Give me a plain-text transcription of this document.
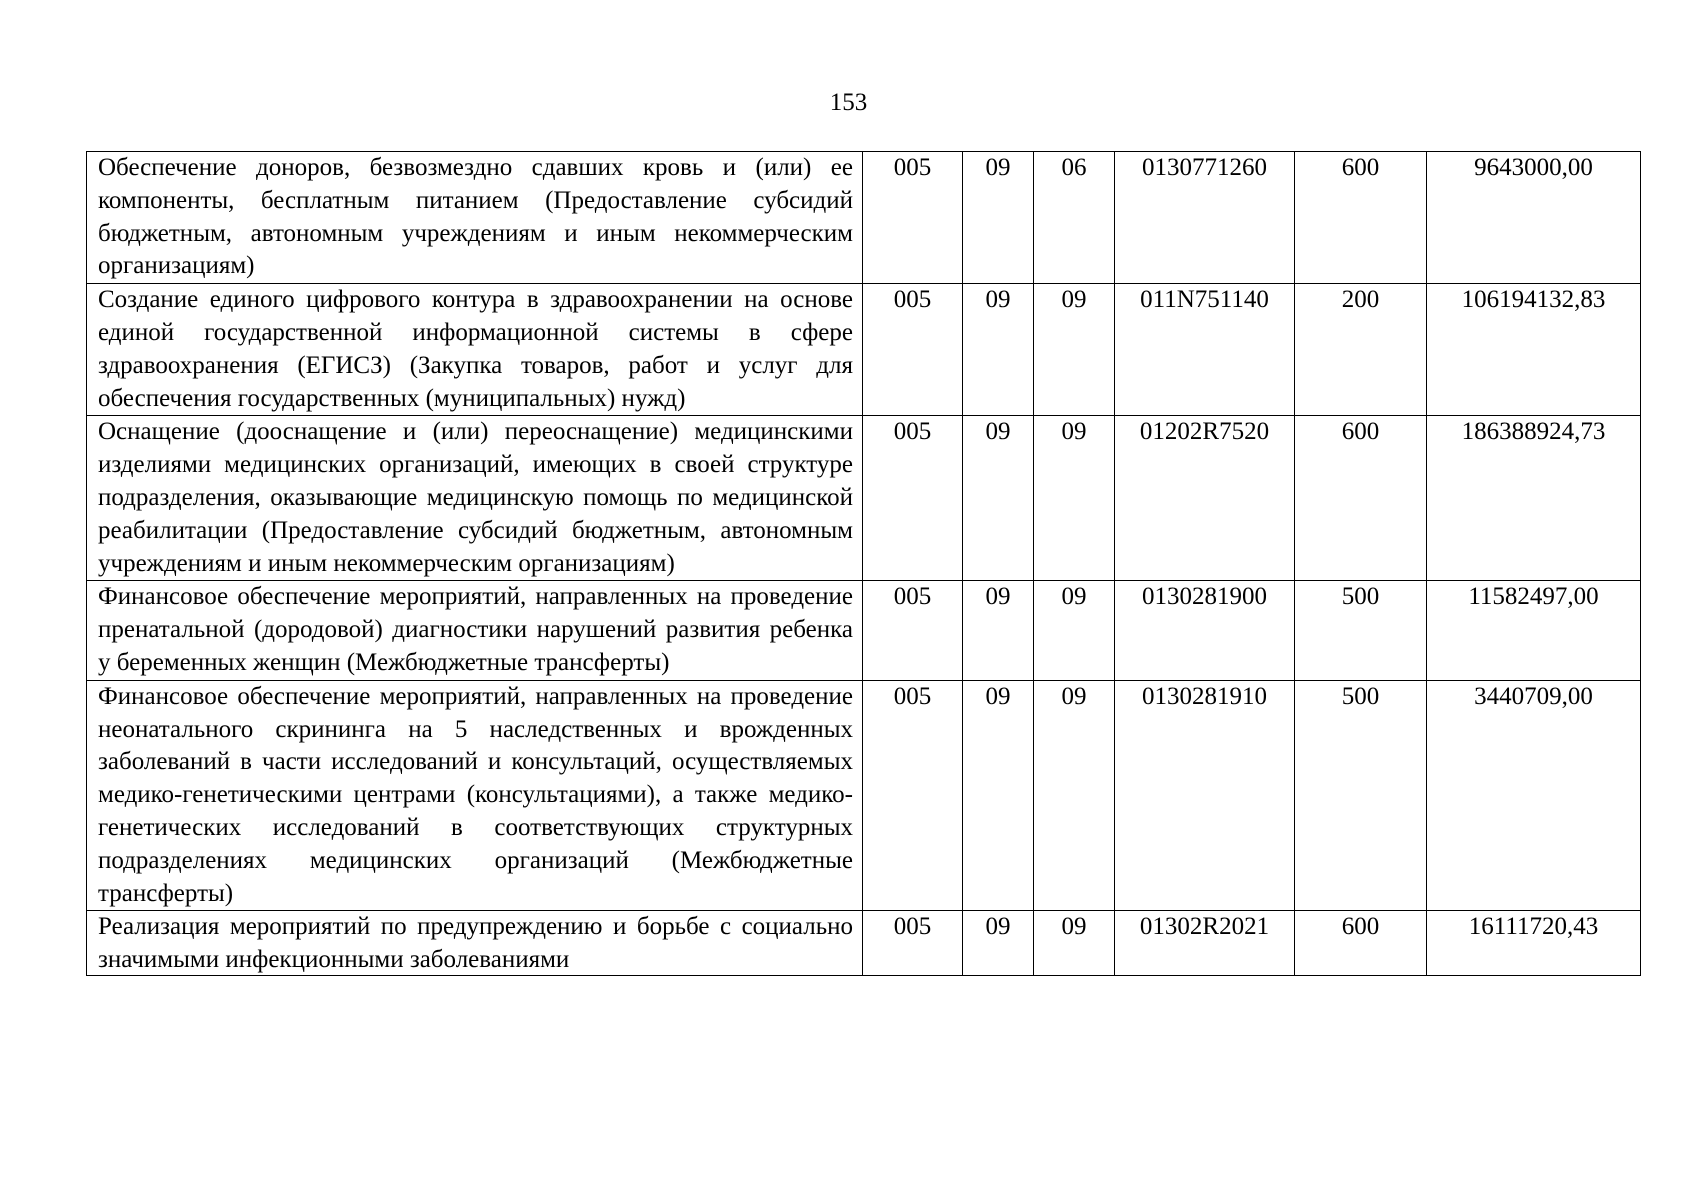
153
Обеспечение доноров, безвозмездно сдавших кровь и (или) ее компоненты, бесплатным питанием (Предоставление субсидий бюджетным, автономным учреждениям и иным некоммерческим организациям)	005	09	06	0130771260	600	9643000,00
Создание единого цифрового контура в здравоохранении на основе единой государственной информационной системы в сфере здравоохранения (ЕГИСЗ) (Закупка товаров, работ и услуг для обеспечения государственных (муниципальных) нужд)	005	09	09	011N751140	200	106194132,83
Оснащение (дооснащение и (или) переоснащение) медицинскими изделиями медицинских организаций, имеющих в своей структуре подразделения, оказывающие медицинскую помощь по медицинской реабилитации (Предоставление субсидий бюджетным, автономным учреждениям и иным некоммерческим организациям)	005	09	09	01202R7520	600	186388924,73
Финансовое обеспечение мероприятий, направленных на проведение пренатальной (дородовой) диагностики нарушений развития ребенка у беременных женщин (Межбюджетные трансферты)	005	09	09	0130281900	500	11582497,00
Финансовое обеспечение мероприятий, направленных на проведение неонатального скрининга на 5 наследственных и врожденных заболеваний в части исследований и консультаций, осуществляемых медико-генетическими центрами (консультациями), а также медико-генетических исследований в соответствующих структурных подразделениях медицинских организаций (Межбюджетные трансферты)	005	09	09	0130281910	500	3440709,00

Реализация мероприятий по предупреждению и борьбе с социально значимыми инфекционными заболеваниями	005	09	09	01302R2021	600	16111720,43
